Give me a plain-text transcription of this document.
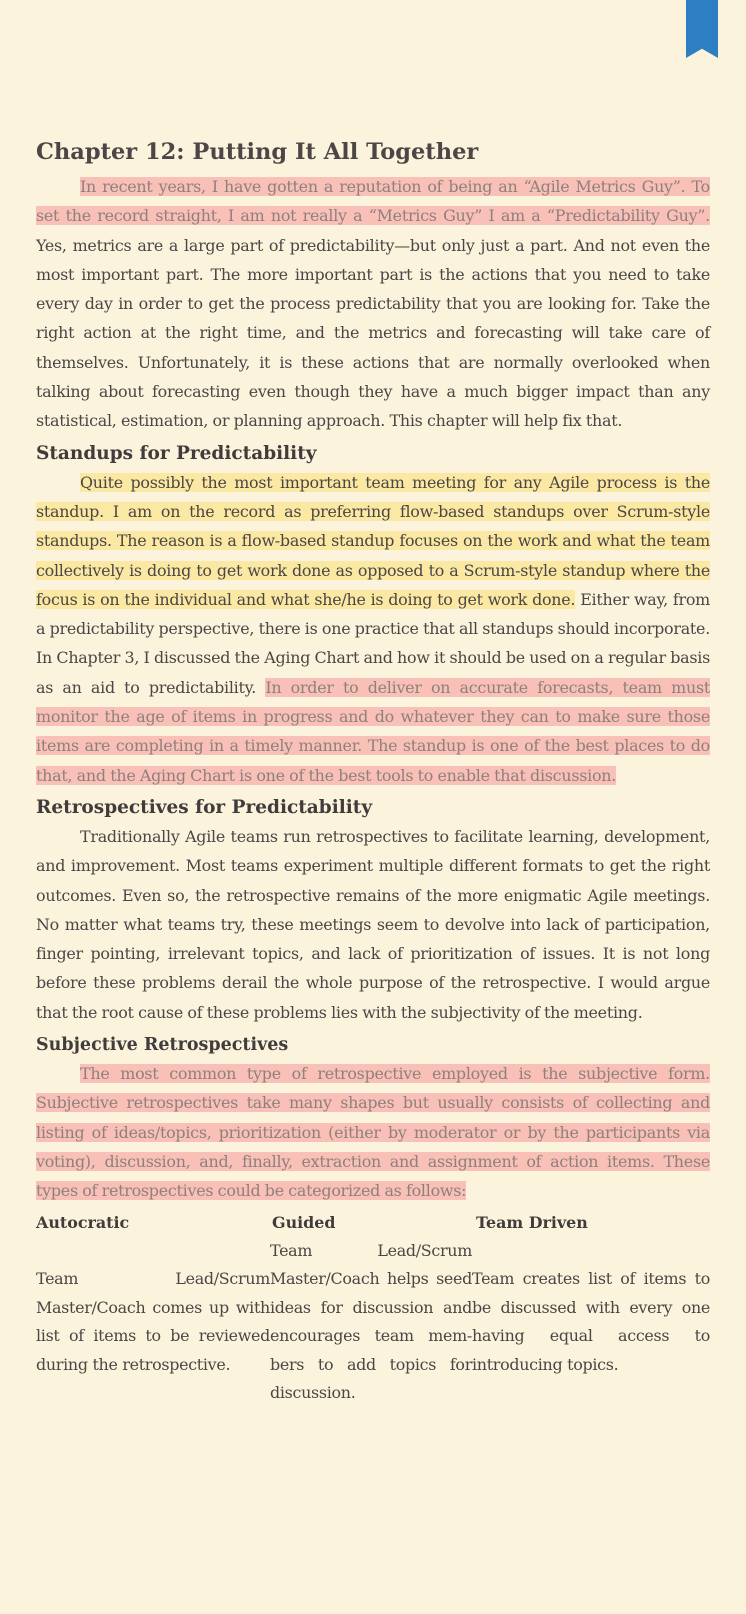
Chapter 12: Putting It All Together

In recent years, I have gotten a reputation of being an “Agile Metrics Guy”. To set the record straight, I am not really a “Metrics Guy” I am a “Predictability Guy”. Yes, metrics are a large part of predictability—but only just a part. And not even the most important part. The more important part is the actions that you need to take every day in order to get the process predictability that you are looking for. Take the right action at the right time, and the metrics and forecasting will take care of themselves. Unfortunately, it is these actions that are normally overlooked when talking about forecasting even though they have a much bigger impact than any statistical, estimation, or planning approach. This chapter will help fix that.

Standups for Predictability

Quite possibly the most important team meeting for any Agile process is the standup. I am on the record as preferring flow-based standups over Scrum-style standups. The reason is a flow-based standup focuses on the work and what the team collectively is doing to get work done as opposed to a Scrum-style standup where the focus is on the individual and what she/he is doing to get work done. Either way, from a predictability perspective, there is one practice that all standups should incorporate. In Chapter 3, I discussed the Aging Chart and how it should be used on a regular basis as an aid to predictability. In order to deliver on accurate forecasts, team must monitor the age of items in progress and do whatever they can to make sure those items are completing in a timely manner. The standup is one of the best places to do that, and the Aging Chart is one of the best tools to enable that discussion.

Retrospectives for Predictability

Traditionally Agile teams run retrospectives to facilitate learning, development, and improvement. Most teams experiment multiple different formats to get the right outcomes. Even so, the retrospective remains of the more enigmatic Agile meetings. No matter what teams try, these meetings seem to devolve into lack of participation, finger pointing, irrelevant topics, and lack of prioritization of issues. It is not long before these problems derail the whole purpose of the retrospective. I would argue that the root cause of these problems lies with the subjectivity of the meeting.

Subjective Retrospectives

The most common type of retrospective employed is the subjective form. Subjective retrospectives take many shapes but usually consists of collecting and listing of ideas/topics, prioritization (either by moderator or by the participants via voting), discussion, and, finally, extraction and assignment of action items. These types of retrospectives could be categorized as follows:

Autocratic	Guided	Team Driven
Team Lead/Scrum Master/Coach comes up with list of items to be reviewed during the retrospective.
Team Lead/Scrum Master/Coach helps seed ideas for discussion and encourages team mem- bers to add topics for discussion.
Team creates list of items to be discussed with every one having equal access to introducing topics.
